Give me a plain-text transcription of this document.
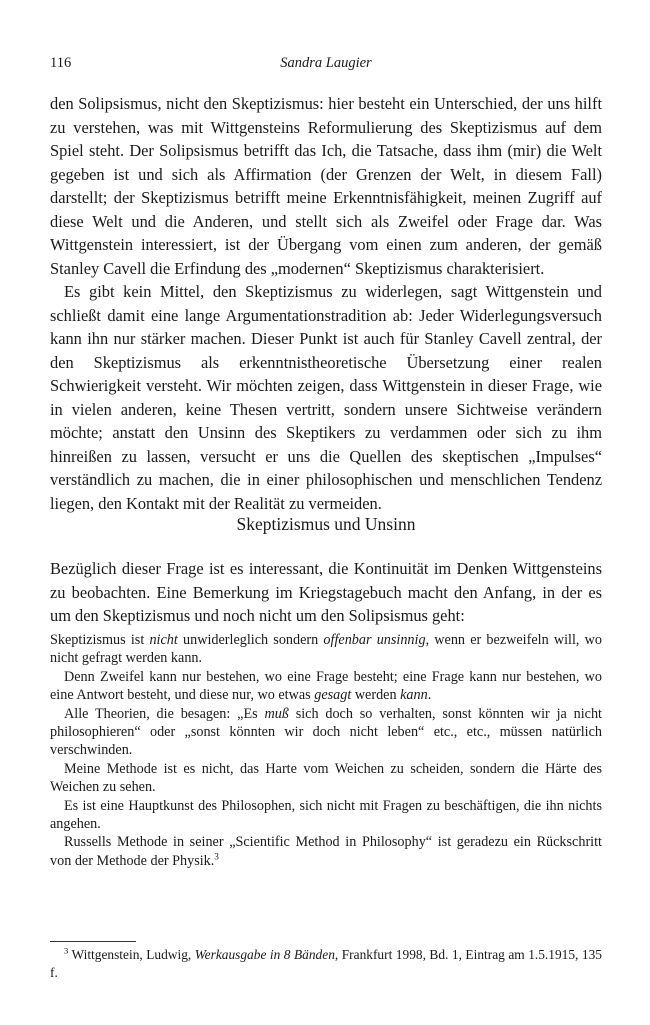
116	Sandra Laugier

den Solipsismus, nicht den Skeptizismus: hier besteht ein Unterschied, der uns hilft zu verstehen, was mit Wittgensteins Reformulierung des Skeptizismus auf dem Spiel steht. Der Solipsismus betrifft das Ich, die Tatsache, dass ihm (mir) die Welt gegeben ist und sich als Affirmation (der Grenzen der Welt, in diesem Fall) darstellt; der Skeptizismus betrifft meine Erkenntnisfähigkeit, meinen Zugriff auf diese Welt und die Anderen, und stellt sich als Zweifel oder Frage dar. Was Wittgenstein interessiert, ist der Übergang vom einen zum anderen, der gemäß Stanley Cavell die Erfindung des „modernen“ Skeptizismus charakterisiert.

Es gibt kein Mittel, den Skeptizismus zu widerlegen, sagt Wittgenstein und schließt damit eine lange Argumentationstradition ab: Jeder Widerlegungsversuch kann ihn nur stärker machen. Dieser Punkt ist auch für Stanley Cavell zentral, der den Skeptizismus als erkenntnistheoretische Übersetzung einer realen Schwierigkeit versteht. Wir möchten zeigen, dass Wittgenstein in dieser Frage, wie in vielen anderen, keine Thesen vertritt, sondern unsere Sichtweise verändern möchte; anstatt den Unsinn des Skeptikers zu verdammen oder sich zu ihm hinreißen zu lassen, versucht er uns die Quellen des skeptischen „Impulses“ verständlich zu machen, die in einer philosophischen und menschlichen Tendenz liegen, den Kontakt mit der Realität zu vermeiden.

Skeptizismus und Unsinn
Bezüglich dieser Frage ist es interessant, die Kontinuität im Denken Wittgensteins zu beobachten. Eine Bemerkung im Kriegstagebuch macht den Anfang, in der es um den Skeptizismus und noch nicht um den Solipsismus geht:

Skeptizismus ist nicht unwiderleglich sondern offenbar unsinnig, wenn er bezweifeln will, wo nicht gefragt werden kann.

Denn Zweifel kann nur bestehen, wo eine Frage besteht; eine Frage kann nur bestehen, wo eine Antwort besteht, und diese nur, wo etwas gesagt werden kann.

Alle Theorien, die besagen: „Es muß sich doch so verhalten, sonst könnten wir ja nicht philosophieren“ oder „sonst könnten wir doch nicht leben“ etc., etc., müssen natürlich verschwinden.

Meine Methode ist es nicht, das Harte vom Weichen zu scheiden, sondern die Härte des Weichen zu sehen.

Es ist eine Hauptkunst des Philosophen, sich nicht mit Fragen zu beschäftigen, die ihn nichts angehen.

Russells Methode in seiner „Scientific Method in Philosophy“ ist geradezu ein Rückschritt von der Methode der Physik.$^3$

$^3$ Wittgenstein, Ludwig, Werkausgabe in 8 Bänden, Frankfurt 1998, Bd. 1, Eintrag am 1.5.1915, 135 f.
